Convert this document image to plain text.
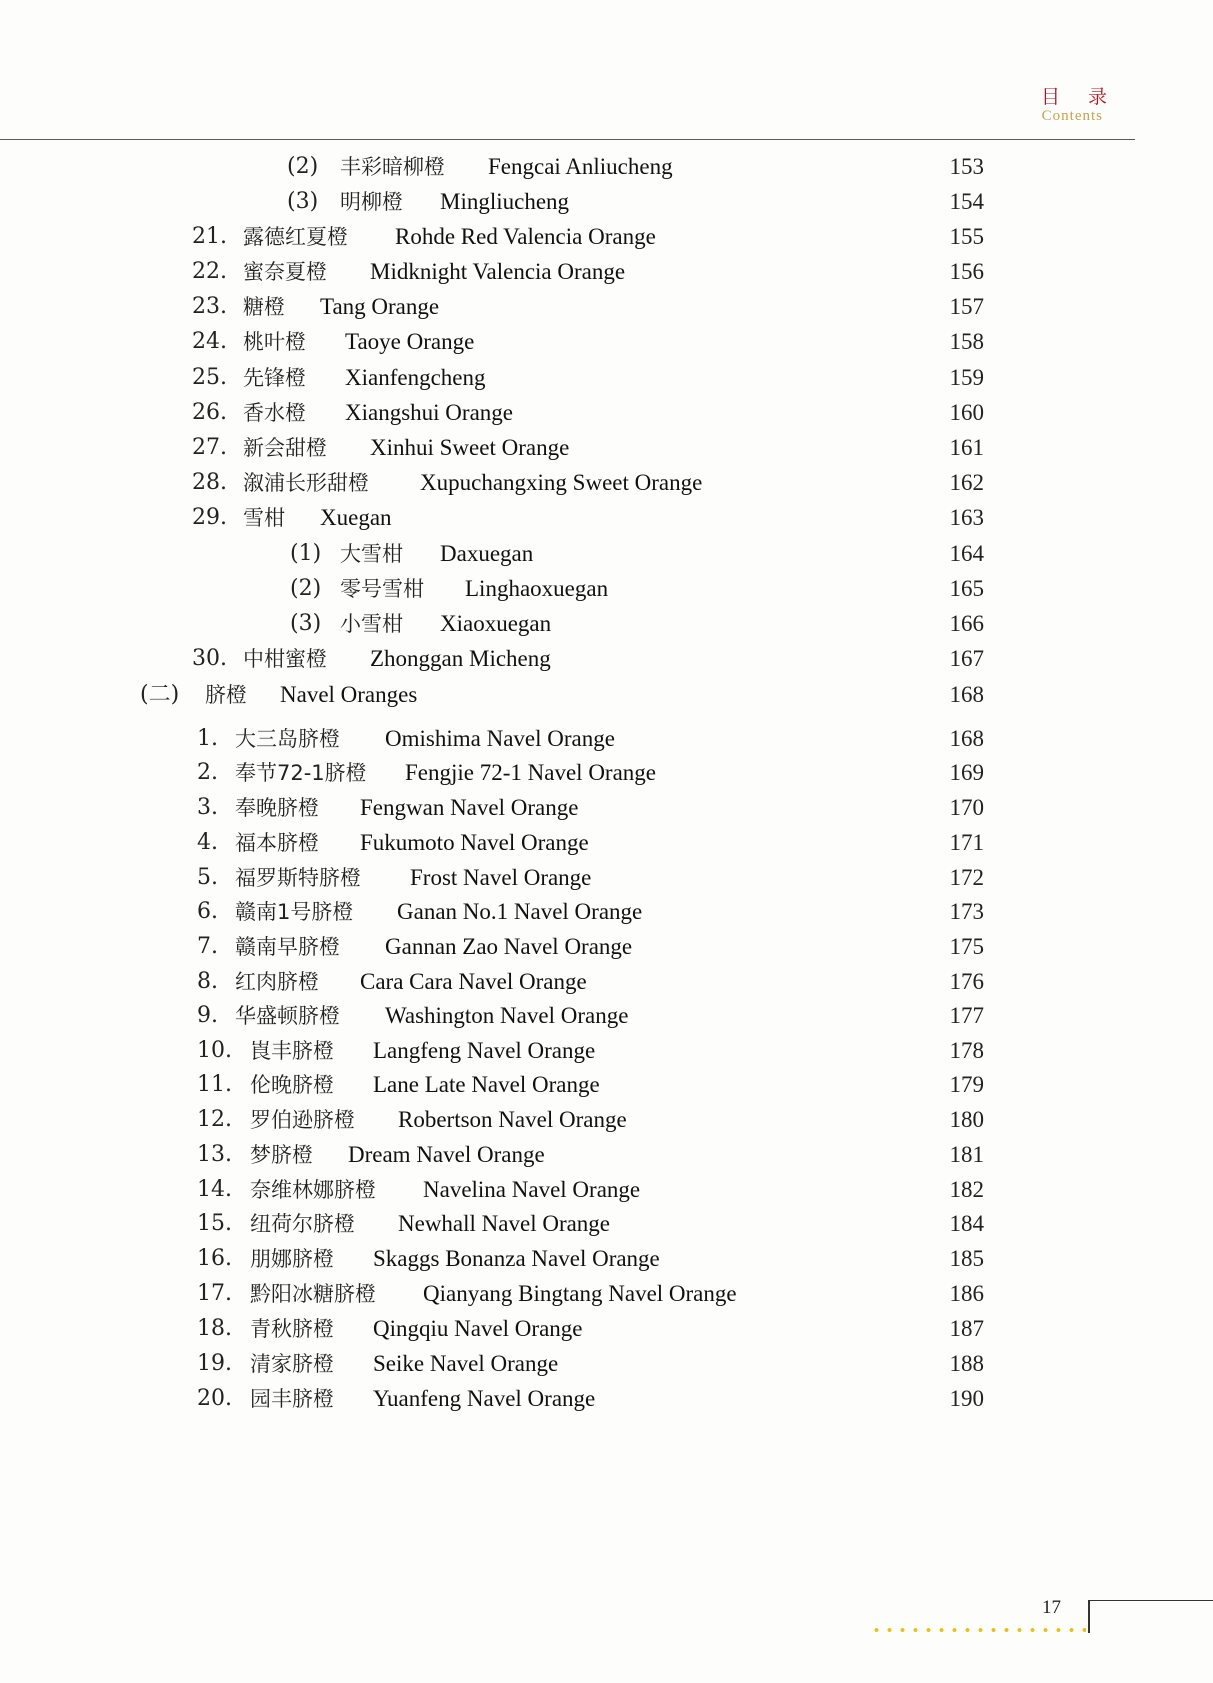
目录
Contents
(2) 丰彩暗柳橙 Fengcai Anliucheng	153
(3) 明柳橙 Mingliucheng	154
21. 露德红夏橙 Rohde Red Valencia Orange	155
22. 蜜奈夏橙 Midknight Valencia Orange	156
23. 糖橙 Tang Orange	157
24. 桃叶橙 Taoye Orange	158
25. 先锋橙 Xianfengcheng	159
26. 香水橙 Xiangshui Orange	160
27. 新会甜橙 Xinhui Sweet Orange	161
28. 溆浦长形甜橙 Xupuchangxing Sweet Orange	162
29. 雪柑 Xuegan	163
(1) 大雪柑 Daxuegan	164
(2) 零号雪柑 Linghaoxuegan	165
(3) 小雪柑 Xiaoxuegan	166
30. 中柑蜜橙 Zhonggan Micheng	167
(二) 脐橙 Navel Oranges	168
1. 大三岛脐橙 Omishima Navel Orange	168
2. 奉节72-1脐橙 Fengjie 72-1 Navel Orange	169
3. 奉晚脐橙 Fengwan Navel Orange	170
4. 福本脐橙 Fukumoto Navel Orange	171
5. 福罗斯特脐橙 Frost Navel Orange	172
6. 赣南1号脐橙 Ganan No.1 Navel Orange	173
7. 赣南早脐橙 Gannan Zao Navel Orange	175
8. 红肉脐橙 Cara Cara Navel Orange	176
9. 华盛顿脐橙 Washington Navel Orange	177
10. 崀丰脐橙 Langfeng Navel Orange	178
11. 伦晚脐橙 Lane Late Navel Orange	179
12. 罗伯逊脐橙 Robertson Navel Orange	180
13. 梦脐橙 Dream Navel Orange	181
14. 奈维林娜脐橙 Navelina Navel Orange	182
15. 纽荷尔脐橙 Newhall Navel Orange	184
16. 朋娜脐橙 Skaggs Bonanza Navel Orange	185
17. 黔阳冰糖脐橙 Qianyang Bingtang Navel Orange	186
18. 青秋脐橙 Qingqiu Navel Orange	187
19. 清家脐橙 Seike Navel Orange	188
20. 园丰脐橙 Yuanfeng Navel Orange	190
17
